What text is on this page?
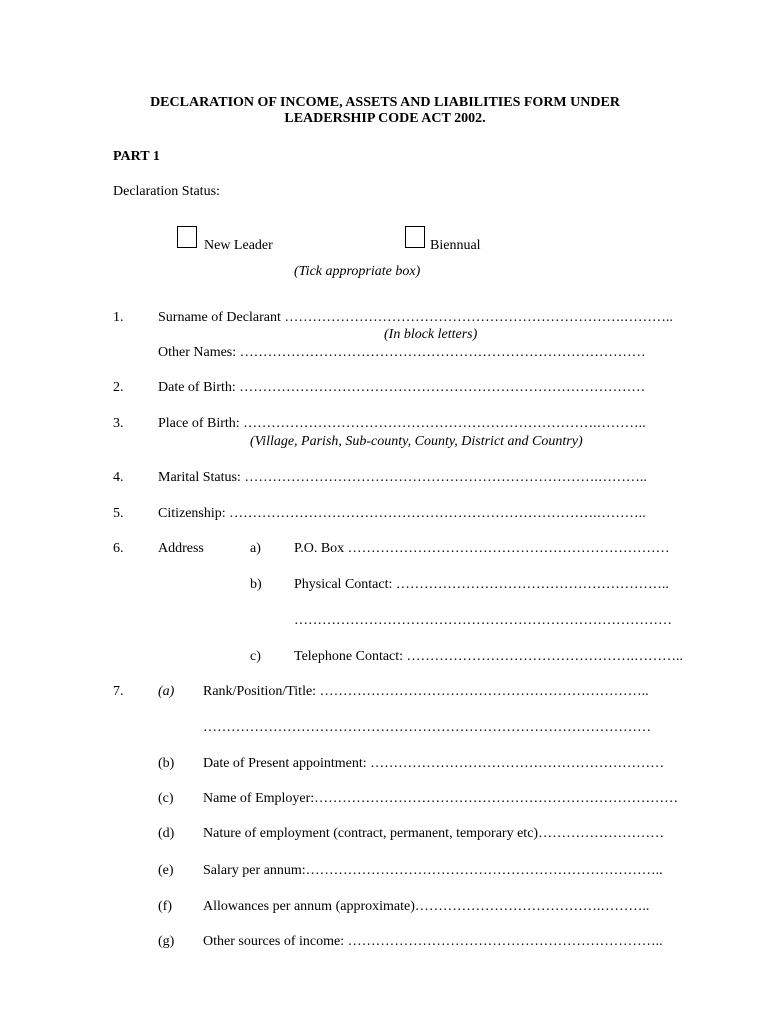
DECLARATION OF INCOME, ASSETS AND LIABILITIES FORM UNDER
LEADERSHIP CODE ACT 2002.
PART 1
Declaration Status:
New Leader	Biennual
(Tick appropriate box)
1. Surname of Declarant ……………………………………………………………….………..
(In block letters)
Other Names: ……………………………………………………………………………
2. Date of Birth: ……………………………………………………………………………
3. Place of Birth: ………………………………………………………………….………..
(Village, Parish, Sub-county, County, District and Country)
4. Marital Status: ………………………………………………………………….………..
5. Citizenship: …………………………………………………………………….………..
6. Address	a) P.O. Box ……………………………………………………………
b) Physical Contact: …………………………………………………..
………………………………………………………………………
c) Telephone Contact: ………………………………………….………..
7. (a) Rank/Position/Title: ……………………………………………………………..
……………………………………………………………………………………
(b) Date of Present appointment: ………………………………………………………
(c) Name of Employer:……………………………………………………………………
(d) Nature of employment (contract, permanent, temporary etc)………………………
(e) Salary per annum:…………………………………………………………………..
(f) Allowances per annum (approximate)………………………………….………..
(g) Other sources of income: …………………………………………………………..
